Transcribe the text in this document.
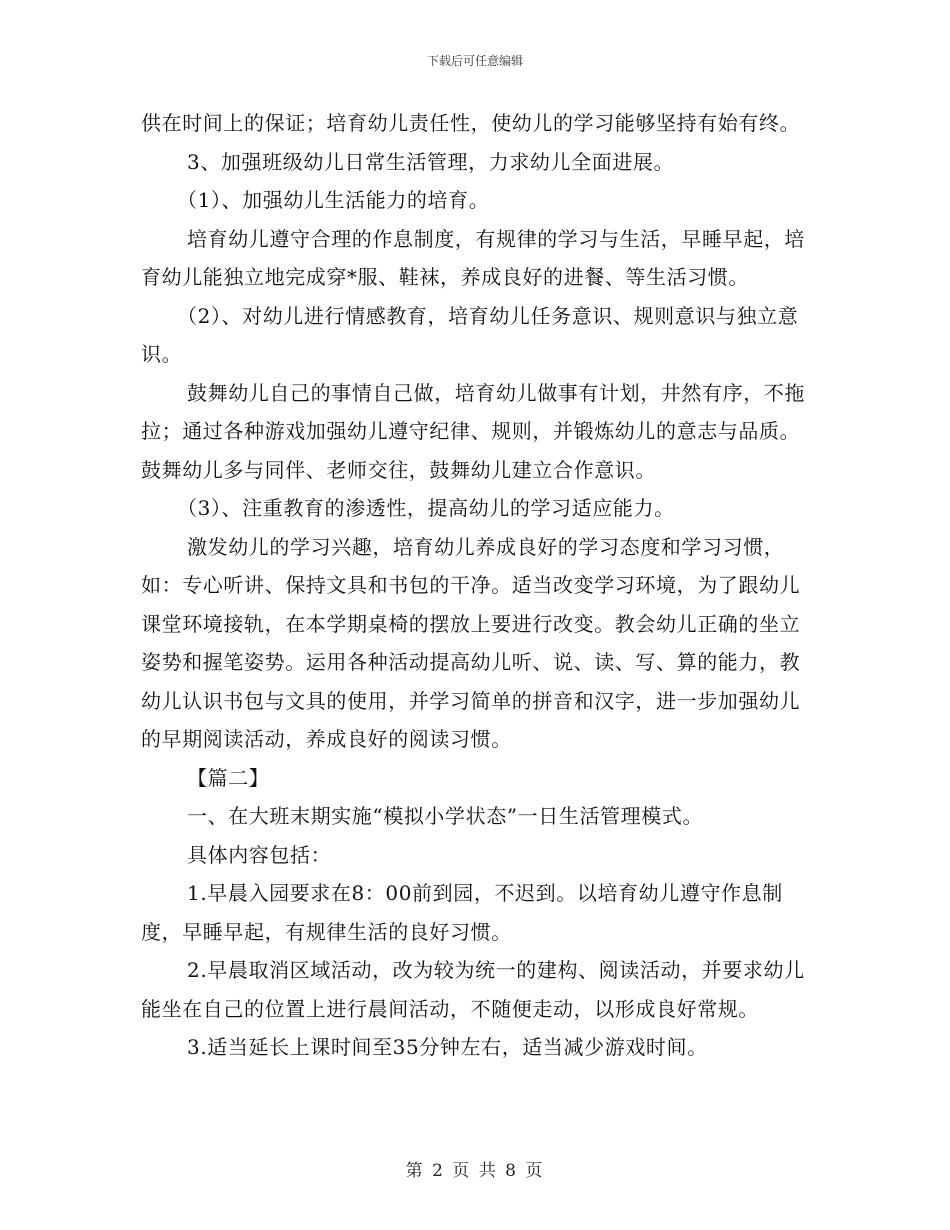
下载后可任意编辑

供在时间上的保证；培育幼儿责任性，使幼儿的学习能够坚持有始有终。

3、加强班级幼儿日常生活管理，力求幼儿全面进展。

（1）、加强幼儿生活能力的培育。

培育幼儿遵守合理的作息制度，有规律的学习与生活，早睡早起，培育幼儿能独立地完成穿*服、鞋袜，养成良好的进餐、等生活习惯。

（2）、对幼儿进行情感教育，培育幼儿任务意识、规则意识与独立意识。

鼓舞幼儿自己的事情自己做，培育幼儿做事有计划，井然有序，不拖拉；通过各种游戏加强幼儿遵守纪律、规则，并锻炼幼儿的意志与品质。鼓舞幼儿多与同伴、老师交往，鼓舞幼儿建立合作意识。

（3）、注重教育的渗透性，提高幼儿的学习适应能力。

激发幼儿的学习兴趣，培育幼儿养成良好的学习态度和学习习惯，如：专心听讲、保持文具和书包的干净。适当改变学习环境，为了跟幼儿课堂环境接轨，在本学期桌椅的摆放上要进行改变。教会幼儿正确的坐立姿势和握笔姿势。运用各种活动提高幼儿听、说、读、写、算的能力，教幼儿认识书包与文具的使用，并学习简单的拼音和汉字，进一步加强幼儿的早期阅读活动，养成良好的阅读习惯。

【篇二】

一、在大班末期实施“模拟小学状态”一日生活管理模式。

具体内容包括：

1.早晨入园要求在8：00前到园，不迟到。以培育幼儿遵守作息制度，早睡早起，有规律生活的良好习惯。

2.早晨取消区域活动，改为较为统一的建构、阅读活动，并要求幼儿能坐在自己的位置上进行晨间活动，不随便走动，以形成良好常规。

3.适当延长上课时间至35分钟左右，适当减少游戏时间。

第 2 页 共 8 页
